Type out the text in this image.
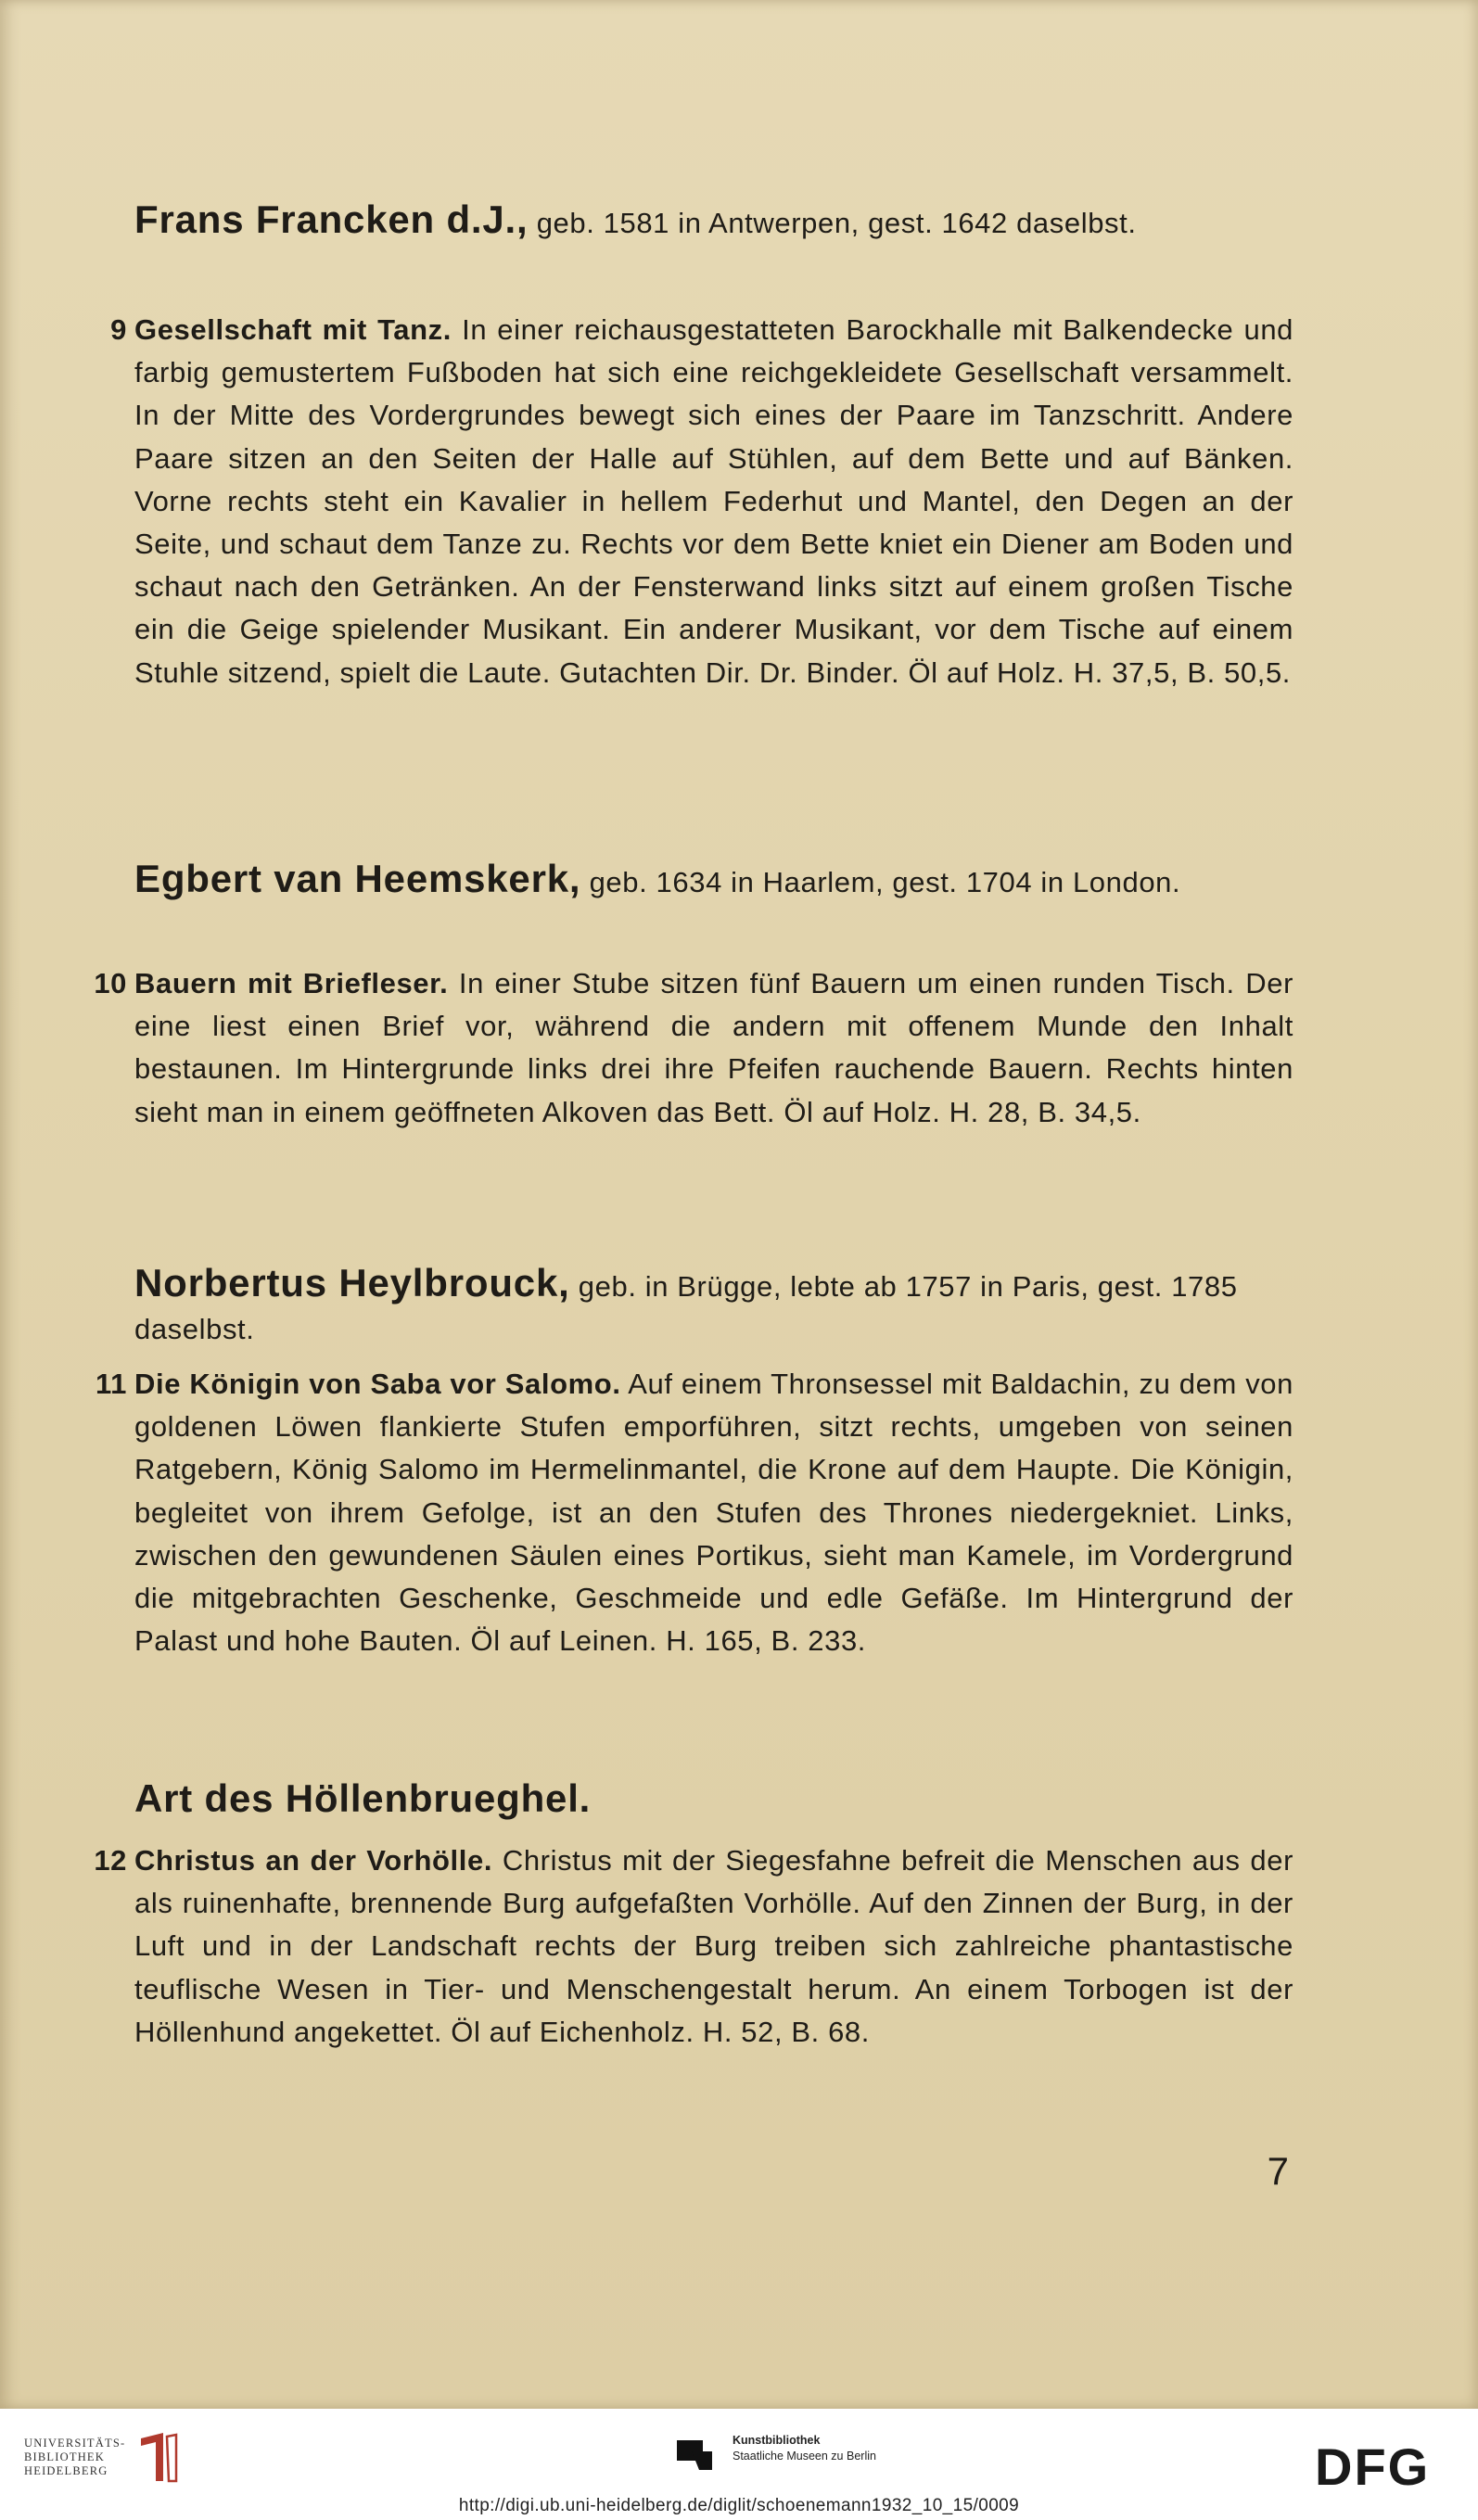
Frans Francken d.J., geb. 1581 in Antwerpen, gest. 1642 daselbst.
9 Gesellschaft mit Tanz. In einer reichausgestatteten Barockhalle mit Balkendecke und farbig gemustertem Fußboden hat sich eine reichgekleidete Gesellschaft versammelt. In der Mitte des Vordergrundes bewegt sich eines der Paare im Tanzschritt. Andere Paare sitzen an den Seiten der Halle auf Stühlen, auf dem Bette und auf Bänken. Vorne rechts steht ein Kavalier in hellem Federhut und Mantel, den Degen an der Seite, und schaut dem Tanze zu. Rechts vor dem Bette kniet ein Diener am Boden und schaut nach den Getränken. An der Fensterwand links sitzt auf einem großen Tische ein die Geige spielender Musikant. Ein anderer Musikant, vor dem Tische auf einem Stuhle sitzend, spielt die Laute. Gutachten Dir. Dr. Binder. Öl auf Holz. H. 37,5, B. 50,5.
Egbert van Heemskerk, geb. 1634 in Haarlem, gest. 1704 in London.
10 Bauern mit Briefleser. In einer Stube sitzen fünf Bauern um einen runden Tisch. Der eine liest einen Brief vor, während die andern mit offenem Munde den Inhalt bestaunen. Im Hintergrunde links drei ihre Pfeifen rauchende Bauern. Rechts hinten sieht man in einem geöffneten Alkoven das Bett. Öl auf Holz. H. 28, B. 34,5.
Norbertus Heylbrouck, geb. in Brügge, lebte ab 1757 in Paris, gest. 1785 daselbst.
11 Die Königin von Saba vor Salomo. Auf einem Thronsessel mit Baldachin, zu dem von goldenen Löwen flankierte Stufen emporführen, sitzt rechts, umgeben von seinen Ratgebern, König Salomo im Hermelinmantel, die Krone auf dem Haupte. Die Königin, begleitet von ihrem Gefolge, ist an den Stufen des Thrones niedergekniet. Links, zwischen den gewundenen Säulen eines Portikus, sieht man Kamele, im Vordergrund die mitgebrachten Geschenke, Geschmeide und edle Gefäße. Im Hintergrund der Palast und hohe Bauten. Öl auf Leinen. H. 165, B. 233.
Art des Höllenbrueghel.
12 Christus an der Vorhölle. Christus mit der Siegesfahne befreit die Menschen aus der als ruinenhafte, brennende Burg aufgefaßten Vorhölle. Auf den Zinnen der Burg, in der Luft und in der Landschaft rechts der Burg treiben sich zahlreiche phantastische teuflische Wesen in Tier- und Menschengestalt herum. An einem Torbogen ist der Höllenhund angekettet. Öl auf Eichenholz. H. 52, B. 68.
7
UNIVERSITÄTS-
BIBLIOTHEK
HEIDELBERG
Kunstbibliothek
Staatliche Museen zu Berlin	DFG
http://digi.ub.uni-heidelberg.de/diglit/schoenemann1932_10_15/0009
